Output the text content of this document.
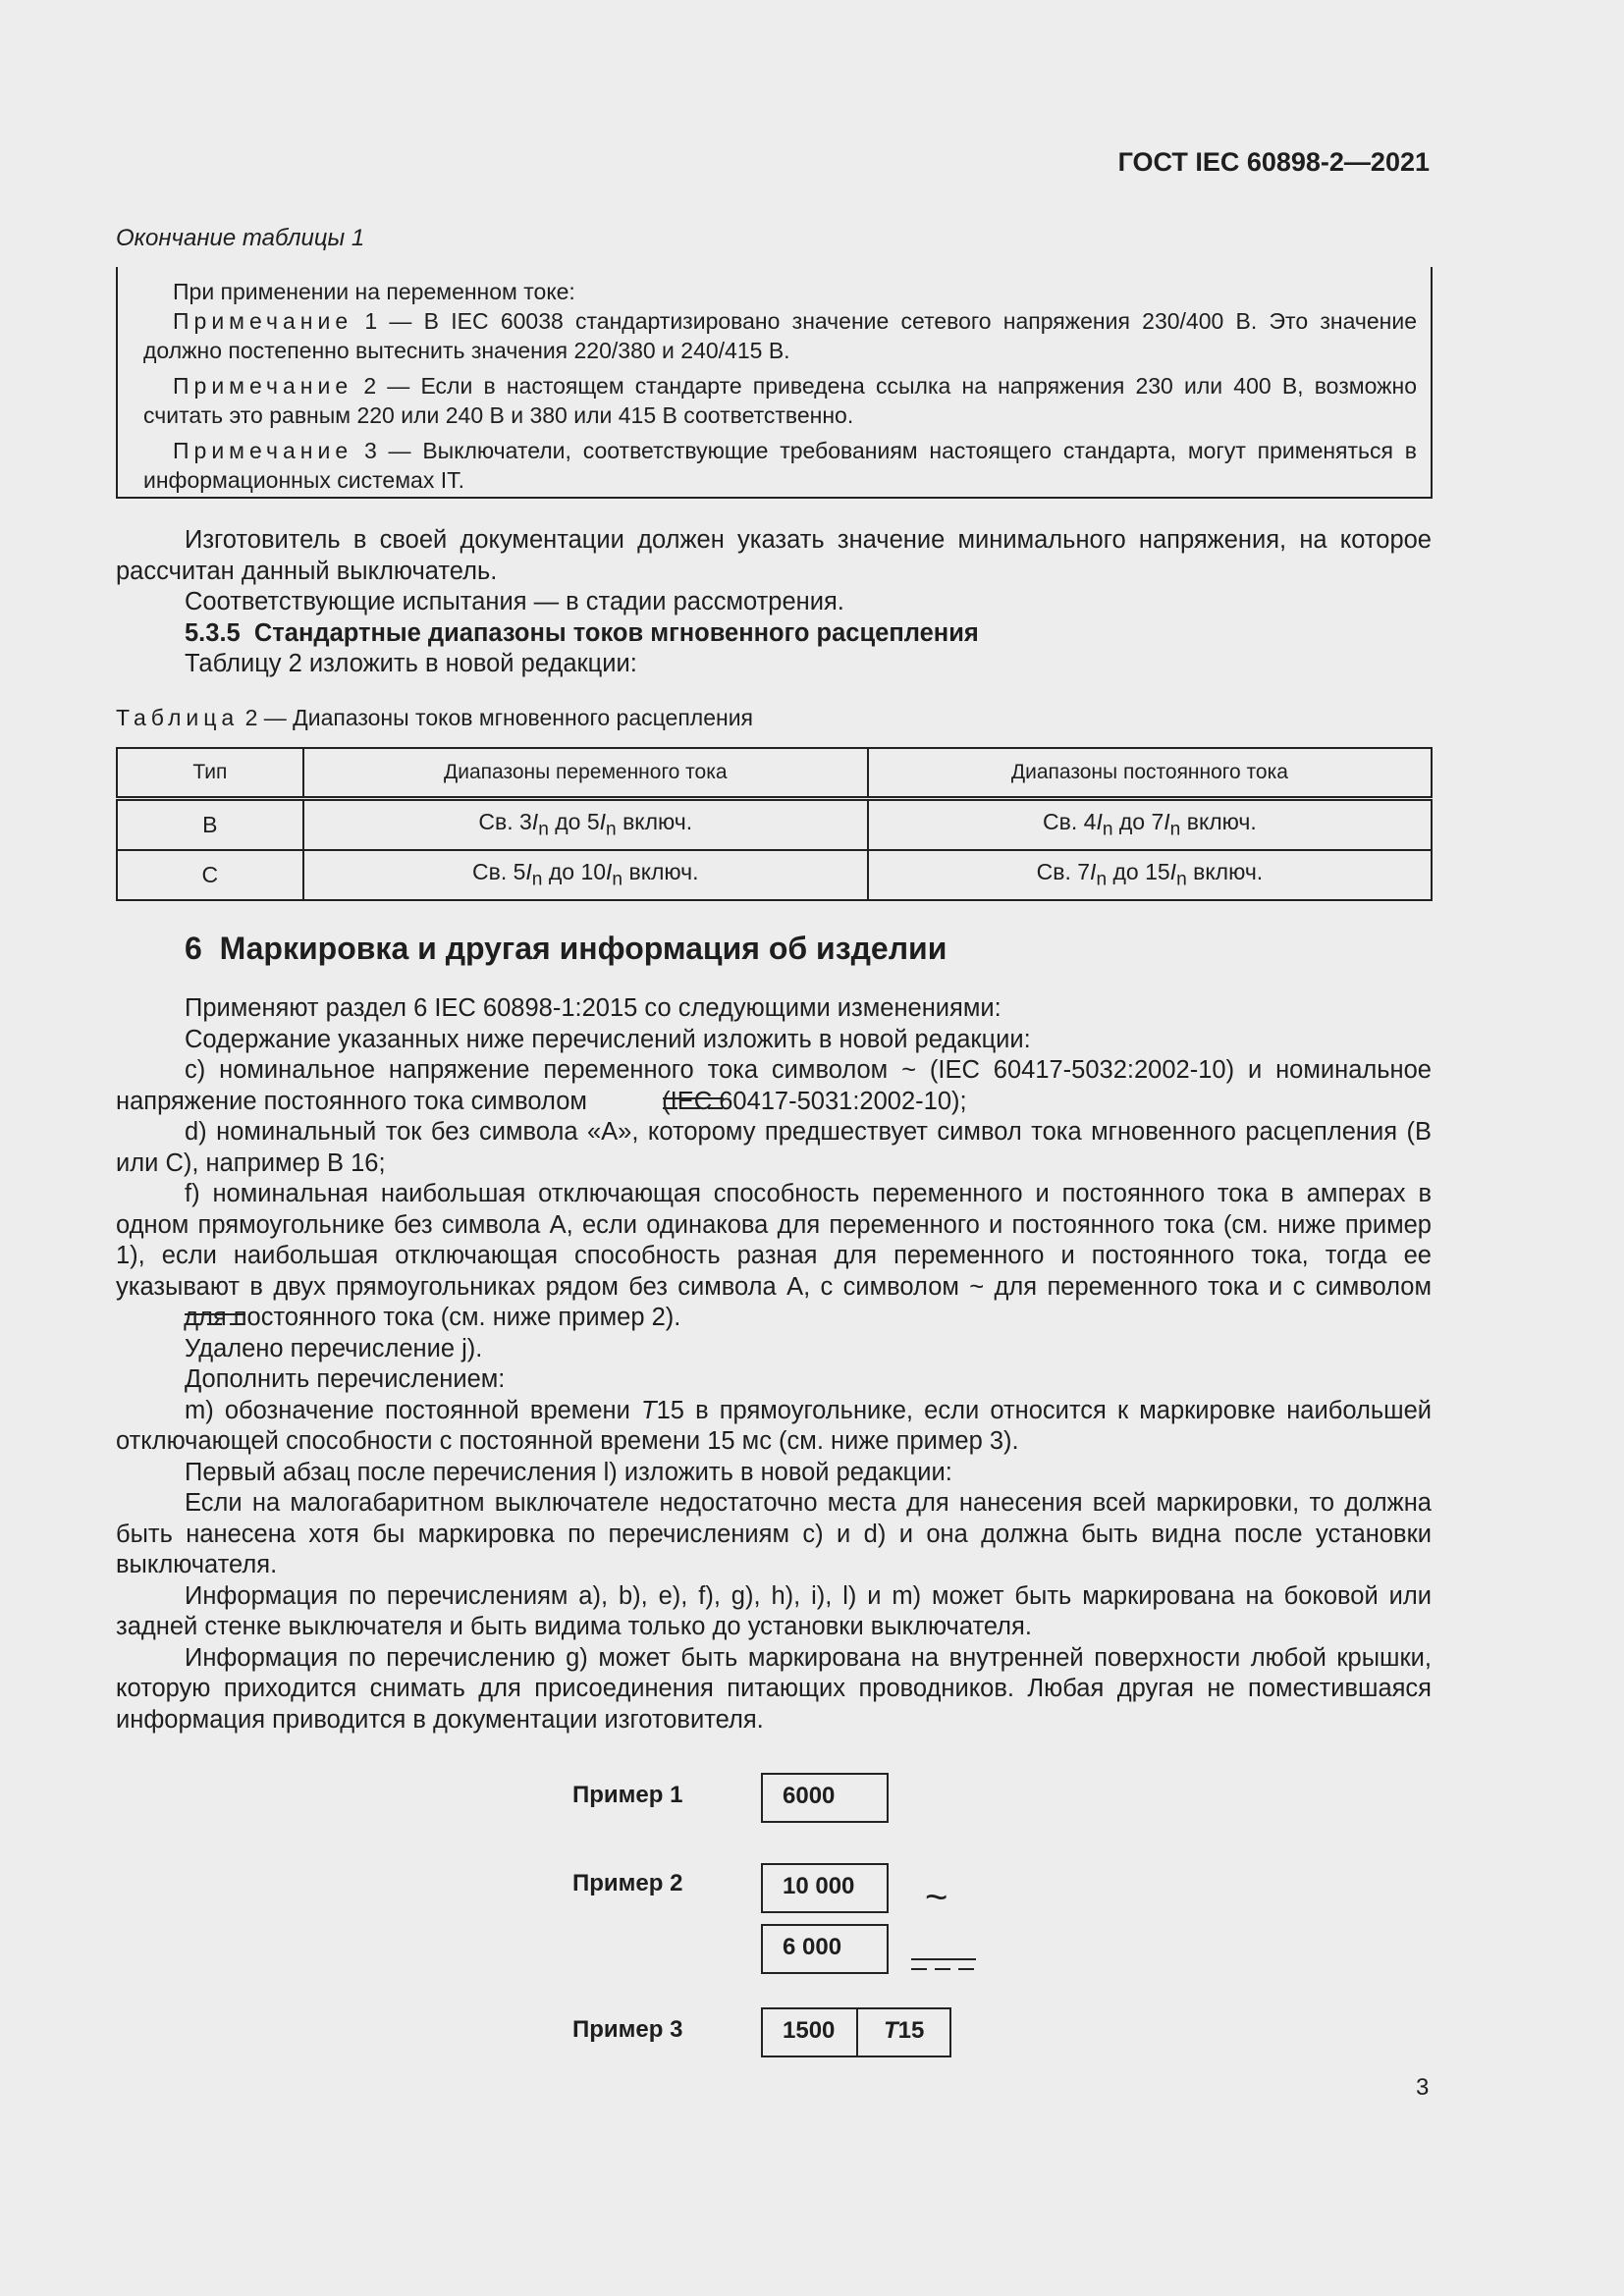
ГОСТ IEC 60898-2—2021
Окончание таблицы 1

При применении на переменном токе:

Примечание 1 — В IEC 60038 стандартизировано значение сетевого напряжения 230/400 В. Это значение должно постепенно вытеснить значения 220/380 и 240/415 В.

Примечание 2 — Если в настоящем стандарте приведена ссылка на напряжения 230 или 400 В, возможно считать это равным 220 или 240 В и 380 или 415 В соответственно.

Примечание 3 — Выключатели, соответствующие требованиям настоящего стандарта, могут применяться в информационных системах IT.

Изготовитель в своей документации должен указать значение минимального напряжения, на которое рассчитан данный выключатель.

Соответствующие испытания — в стадии рассмотрения.

5.3.5 Стандартные диапазоны токов мгновенного расцепления

Таблицу 2 изложить в новой редакции:

Таблица 2 — Диапазоны токов мгновенного расцепления
Тип	Диапазоны переменного тока	Диапазоны постоянного тока
B	Св. $3I_n$ до $5I_n$ включ.	Св. $4I_n$ до $7I_n$ включ.
C	Св. $5I_n$ до $10I_n$ включ.	Св. $7I_n$ до $15I_n$ включ.
6 Маркировка и другая информация об изделии

Применяют раздел 6 IEC 60898-1:2015 со следующими изменениями:

Содержание указанных ниже перечислений изложить в новой редакции:

c) номинальное напряжение переменного тока символом ~ (IEC 60417-5032:2002-10) и номинальное напряжение постоянного тока символом	(IEC 60417-5031:2002-10);

d) номинальный ток без символа «А», которому предшествует символ тока мгновенного расцепления (В или С), например В 16;

f) номинальная наибольшая отключающая способность переменного и постоянного тока в амперах в одном прямоугольнике без символа А, если одинакова для переменного и постоянного тока (см. ниже пример 1), если наибольшая отключающая способность разная для переменного и постоянного тока, тогда ее указывают в двух прямоугольниках рядом без символа А, с символом ~ для переменного тока и с символом  для постоянного тока (см. ниже пример 2).

Удалено перечисление j).

Дополнить перечислением:

m) обозначение постоянной времени T15 в прямоугольнике, если относится к маркировке наибольшей отключающей способности с постоянной времени 15 мс (см. ниже пример 3).

Первый абзац после перечисления l) изложить в новой редакции:

Если на малогабаритном выключателе недостаточно места для нанесения всей маркировки, то должна быть нанесена хотя бы маркировка по перечислениям с) и d) и она должна быть видна после установки выключателя.

Информация по перечислениям а), b), е), f), g), h), i), l) и m) может быть маркирована на боковой или задней стенке выключателя и быть видима только до установки выключателя.

Информация по перечислению g) может быть маркирована на внутренней поверхности любой крышки, которую приходится снимать для присоединения питающих проводников. Любая другая не поместившаяся информация приводится в документации изготовителя.

Пример 1	6000
Пример 2	10 000	~
6 000
Пример 3	1500	T15
3
